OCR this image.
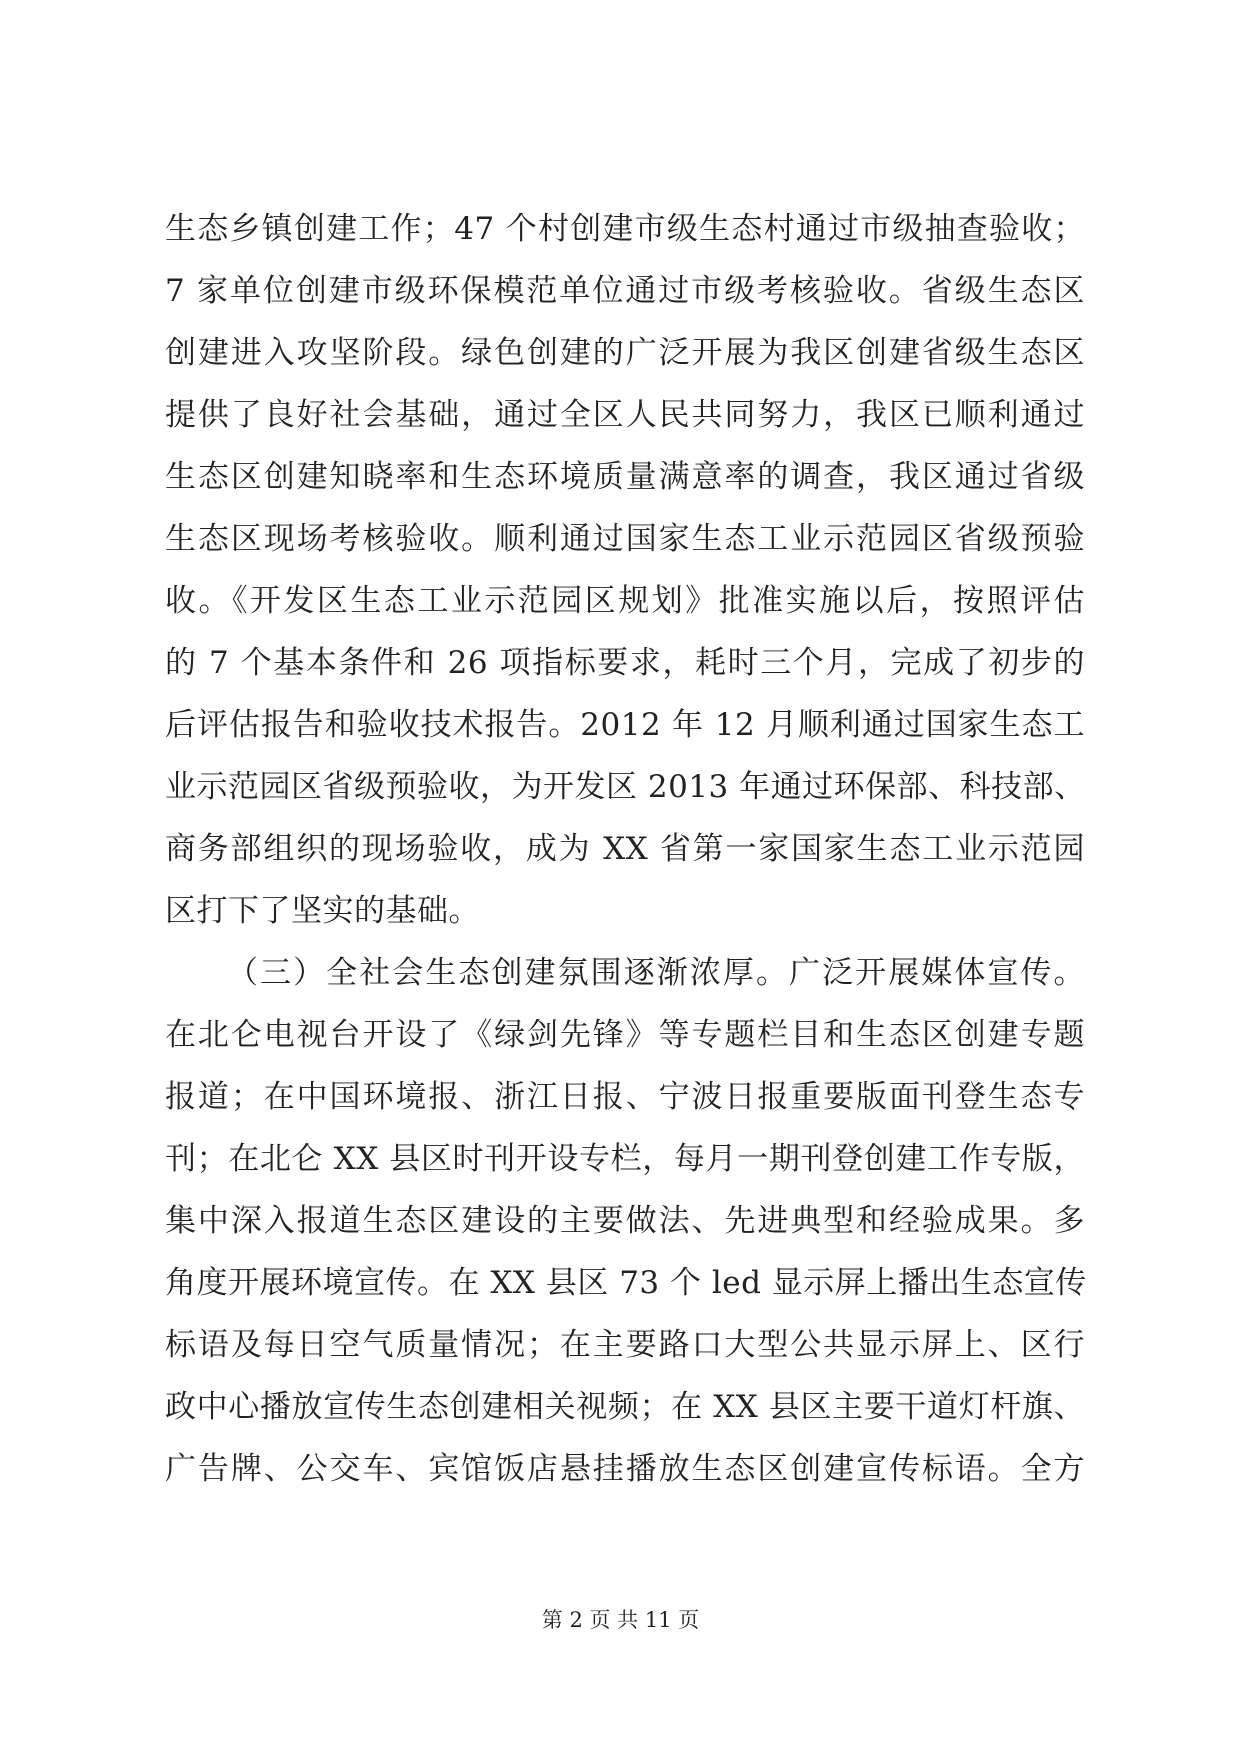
生态乡镇创建工作；47 个村创建市级生态村通过市级抽查验收；
7 家单位创建市级环保模范单位通过市级考核验收。省级生态区
创建进入攻坚阶段。绿色创建的广泛开展为我区创建省级生态区
提供了良好社会基础，通过全区人民共同努力，我区已顺利通过
生态区创建知晓率和生态环境质量满意率的调查，我区通过省级
生态区现场考核验收。顺利通过国家生态工业示范园区省级预验
收。《开发区生态工业示范园区规划》批准实施以后，按照评估
的 7 个基本条件和 26 项指标要求，耗时三个月，完成了初步的
后评估报告和验收技术报告。2012 年 12 月顺利通过国家生态工
业示范园区省级预验收，为开发区 2013 年通过环保部、科技部、
商务部组织的现场验收，成为 XX 省第一家国家生态工业示范园
区打下了坚实的基础。
（三）全社会生态创建氛围逐渐浓厚。广泛开展媒体宣传。
在北仑电视台开设了《绿剑先锋》等专题栏目和生态区创建专题
报道；在中国环境报、浙江日报、宁波日报重要版面刊登生态专
刊；在北仑 XX 县区时刊开设专栏，每月一期刊登创建工作专版，
集中深入报道生态区建设的主要做法、先进典型和经验成果。多
角度开展环境宣传。在 XX 县区 73 个 led 显示屏上播出生态宣传
标语及每日空气质量情况；在主要路口大型公共显示屏上、区行
政中心播放宣传生态创建相关视频；在 XX 县区主要干道灯杆旗、
广告牌、公交车、宾馆饭店悬挂播放生态区创建宣传标语。全方
第 2 页 共 11 页
